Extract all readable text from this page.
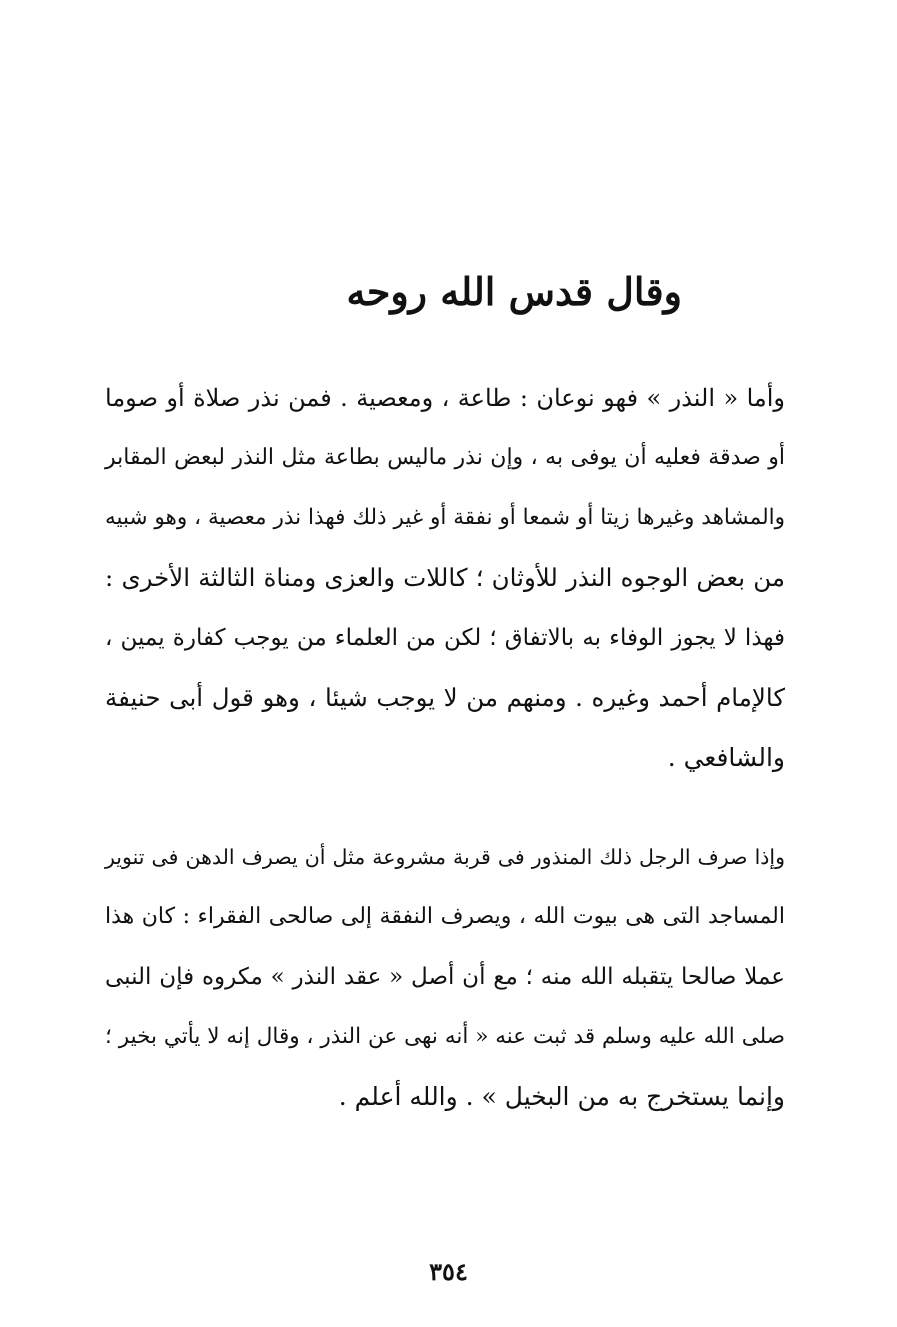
وقال قدس الله روحه
وأما « النذر » فهو نوعان : طاعة ، ومعصية . فمن نذر صلاة أو صوما
أو صدقة فعليه أن يوفى به ، وإن نذر ماليس بطاعة مثل النذر لبعض المقابر
والمشاهد وغيرها زيتا أو شمعا أو نفقة أو غير ذلك فهذا نذر معصية ، وهو شبيه
من بعض الوجوه النذر للأوثان ؛ كاللات والعزى ومناة الثالثة الأخرى :
فهذا لا يجوز الوفاء به بالاتفاق ؛ لكن من العلماء من يوجب كفارة يمين ،
كالإمام أحمد وغيره . ومنهم من لا يوجب شيئا ، وهو قول أبى حنيفة
والشافعي .
وإذا صرف الرجل ذلك المنذور فى قربة مشروعة مثل أن يصرف الدهن فى تنوير
المساجد التى هى بيوت الله ، ويصرف النفقة إلى صالحى الفقراء : كان هذا
عملا صالحا يتقبله الله منه ؛ مع أن أصل « عقد النذر » مكروه فإن النبى
صلى الله عليه وسلم قد ثبت عنه « أنه نهى عن النذر ، وقال إنه لا يأتي بخير ؛
وإنما يستخرج به من البخيل » . والله أعلم .
٣٥٤
